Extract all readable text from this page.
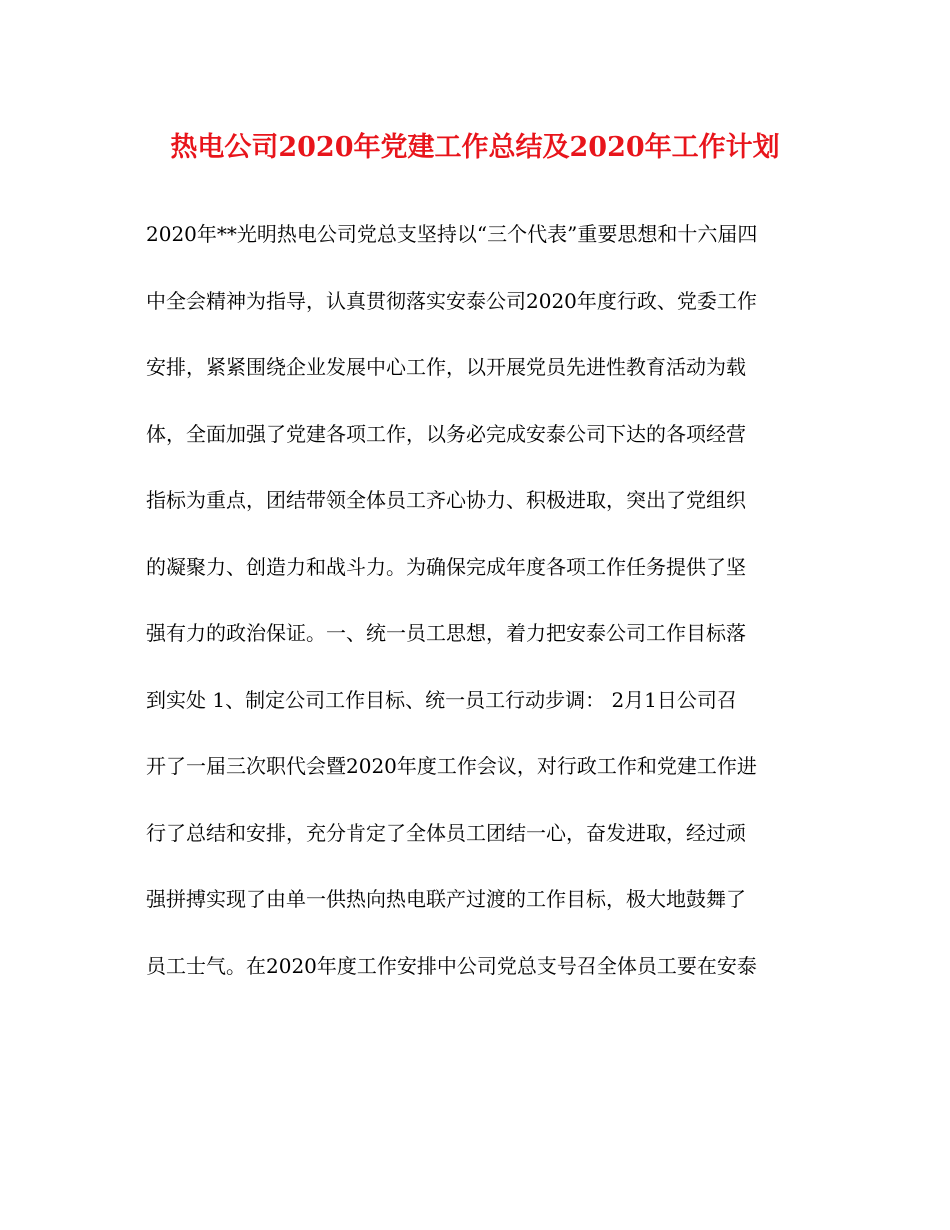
热电公司2020年党建工作总结及2020年工作计划
2020年**光明热电公司党总支坚持以“三个代表”重要思想和十六届四
中全会精神为指导，认真贯彻落实安泰公司2020年度行政、党委工作
安排，紧紧围绕企业发展中心工作，以开展党员先进性教育活动为载
体，全面加强了党建各项工作，以务必完成安泰公司下达的各项经营
指标为重点，团结带领全体员工齐心协力、积极进取，突出了党组织
的凝聚力、创造力和战斗力。为确保完成年度各项工作任务提供了坚
强有力的政治保证。一、统一员工思想，着力把安泰公司工作目标落
到实处 1、制定公司工作目标、统一员工行动步调： 2月1日公司召
开了一届三次职代会暨2020年度工作会议，对行政工作和党建工作进
行了总结和安排，充分肯定了全体员工团结一心，奋发进取，经过顽
强拼搏实现了由单一供热向热电联产过渡的工作目标，极大地鼓舞了
员工士气。在2020年度工作安排中公司党总支号召全体员工要在安泰
